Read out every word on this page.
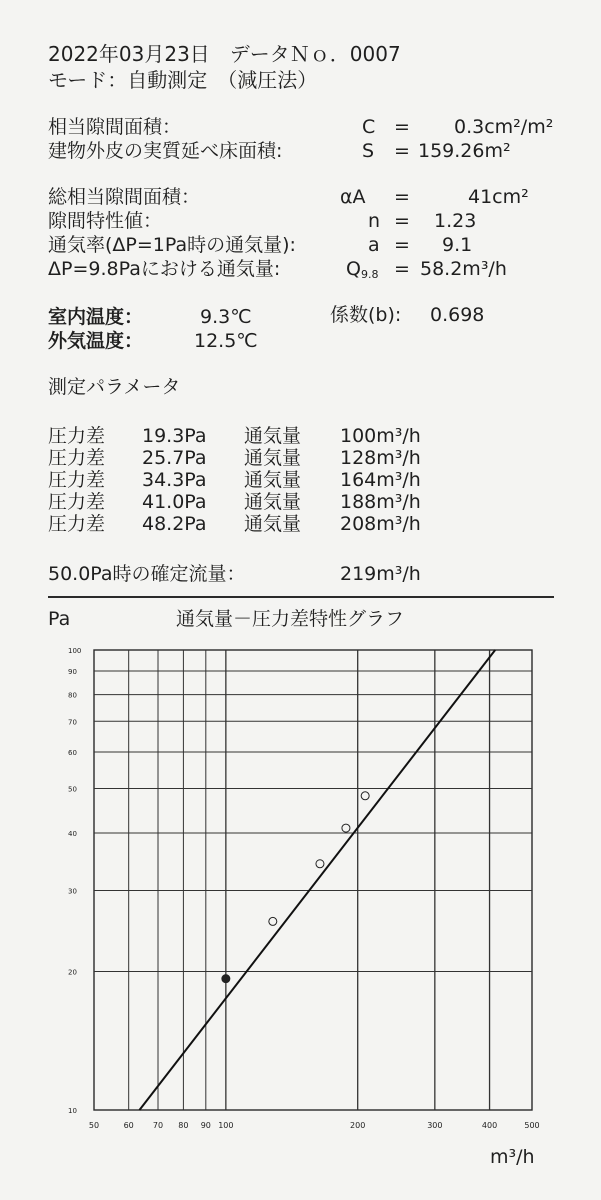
2022年03月23日　データＮｏ．0007
モード：自動測定　（減圧法）
相当隙間面積：	C = 0.3cm²/m²
建物外皮の実質延べ床面積:	S = 159.26m²
総相当隙間面積：	αA =	41cm²
隙間特性値：	n = 1.23
通気率(ΔP=1Pa時の通気量):	a = 9.1
ΔP=9.8Paにおける通気量:	$Q_{9.8} = 58.2m^3/h$
室内温度：	9.3℃	係数(b): 0.698
外気温度：	12.5℃
測定パラメータ
圧力差 19.3Pa 通気量 100m³/h
圧力差 25.7Pa 通気量 128m³/h
圧力差 34.3Pa 通気量 164m³/h
圧力差 41.0Pa 通気量 188m³/h
圧力差 48.2Pa 通気量 208m³/h
50.0Pa時の確定流量：	219m³/h
Pa	通気量－圧力差特性グラフ
m³/h
50	60 70 80 90 100	200	300	400	500
10
20
30
40
50
60
70
80
90
100
